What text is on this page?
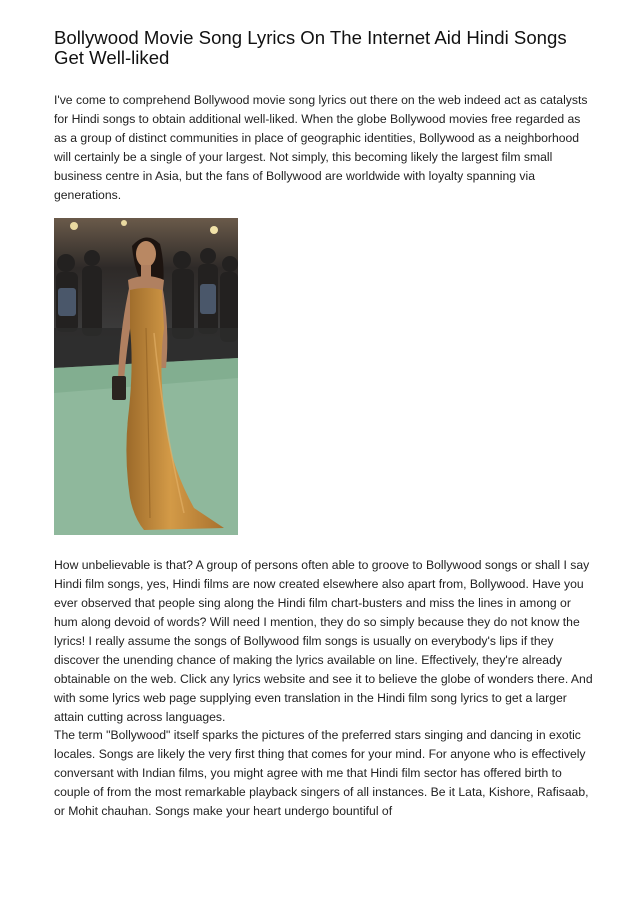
Bollywood Movie Song Lyrics On The Internet Aid Hindi Songs Get Well-liked

I've come to comprehend Bollywood movie song lyrics out there on the web indeed act as catalysts for Hindi songs to obtain additional well-liked. When the globe Bollywood movies free regarded as as a group of distinct communities in place of geographic identities, Bollywood as a neighborhood will certainly be a single of your largest. Not simply, this becoming likely the largest film small business centre in Asia, but the fans of Bollywood are worldwide with loyalty spanning via generations.

How unbelievable is that? A group of persons often able to groove to Bollywood songs or shall I say Hindi film songs, yes, Hindi films are now created elsewhere also apart from, Bollywood. Have you ever observed that people sing along the Hindi film chart-busters and miss the lines in among or hum along devoid of words? Will need I mention, they do so simply because they do not know the lyrics! I really assume the songs of Bollywood film songs is usually on everybody's lips if they discover the unending chance of making the lyrics available on line. Effectively, they're already obtainable on the web. Click any lyrics website and see it to believe the globe of wonders there. And with some lyrics web page supplying even translation in the Hindi film song lyrics to get a larger attain cutting across languages.

The term "Bollywood" itself sparks the pictures of the preferred stars singing and dancing in exotic locales. Songs are likely the very first thing that comes for your mind. For anyone who is effectively conversant with Indian films, you might agree with me that Hindi film sector has offered birth to couple of from the most remarkable playback singers of all instances. Be it Lata, Kishore, Rafisaab, or Mohit chauhan. Songs make your heart undergo bountiful of
